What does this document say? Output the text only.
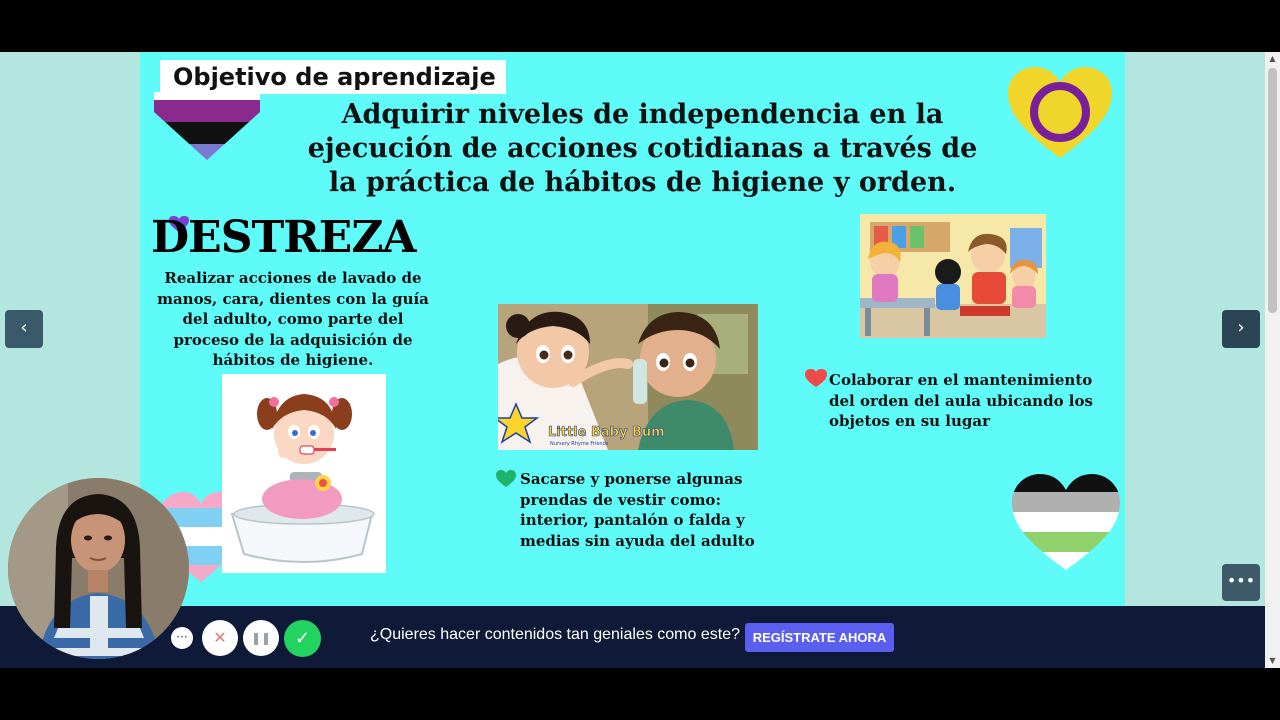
▲
▼
Objetivo de aprendizaje
Adquirir niveles de independencia en la ejecución de acciones cotidianas a través de la práctica de hábitos de higiene y orden.
DESTREZA
Realizar acciones de lavado de manos, cara, dientes con la guía del adulto, como parte del proceso de la adquisición de hábitos de higiene.
Little Baby Bum
Nursery Rhyme Friends
Sacarse y ponerse algunas prendas de vestir como: interior, pantalón o falda y medias sin ayuda del adulto
Colaborar en el mantenimiento del orden del aula ubicando los objetos en su lugar
‹	›
•••
···	✕	❚❚	✓	¿Quieres hacer contenidos tan geniales como este? REGÍSTRATE AHORA
